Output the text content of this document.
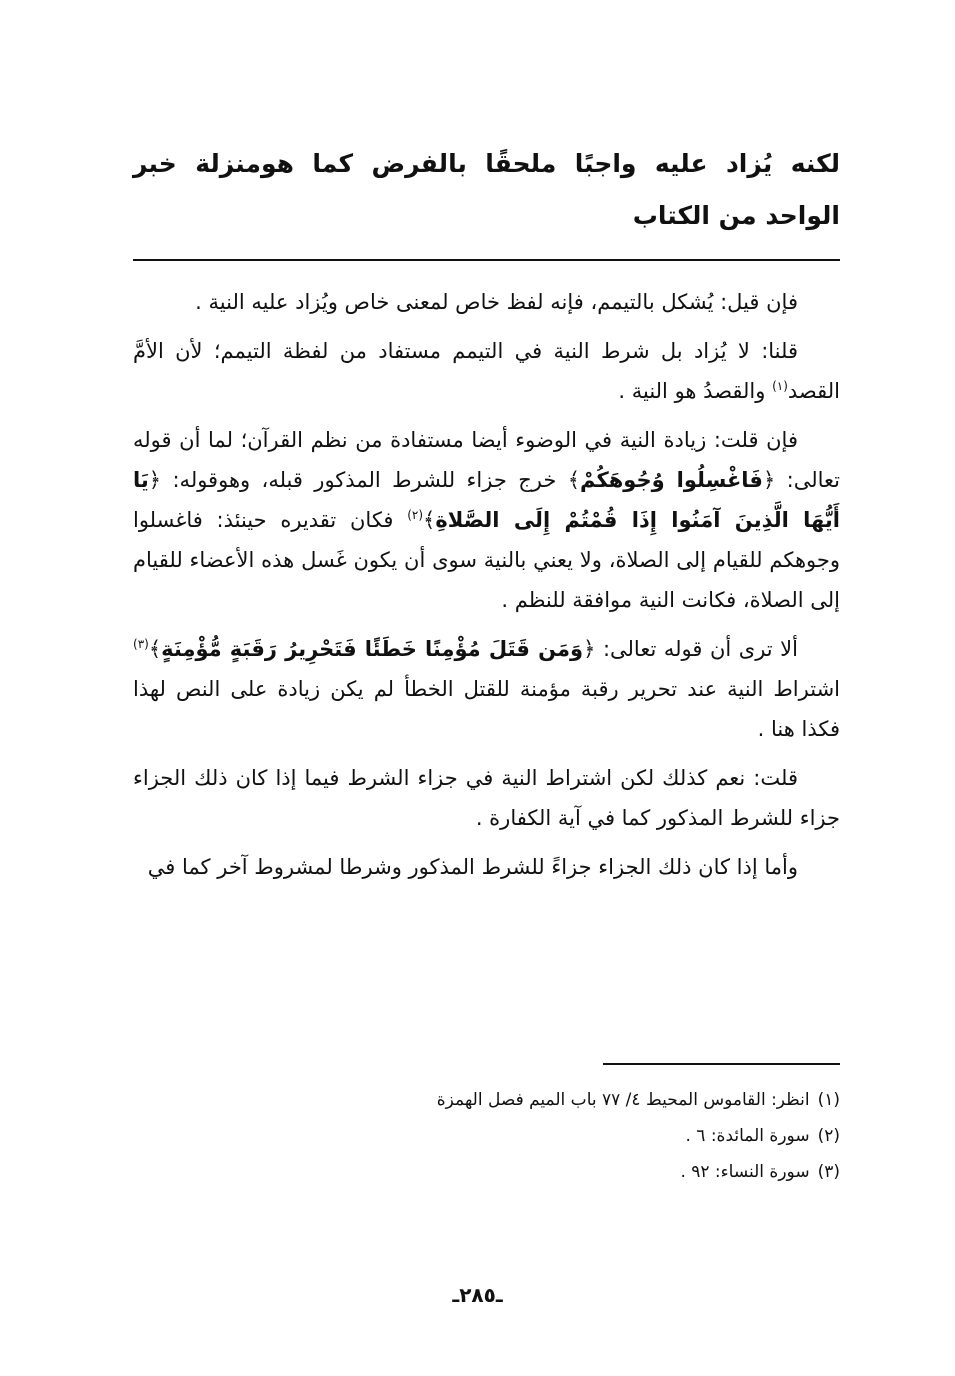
لكنه يُزاد عليه واجبًا ملحقًا بالفرض كما هومنزلة خبر الواحد من الكتاب

فإن قيل: يُشكل بالتيمم، فإنه لفظ خاص لمعنى خاص ويُزاد عليه النية .

قلنا: لا يُزاد بل شرط النية في التيمم مستفاد من لفظة التيمم؛ لأن الأمَّ القصد$^{(١)}$ والقصدُ هو النية .

فإن قلت: زيادة النية في الوضوء أيضا مستفادة من نظم القرآن؛ لما أن قوله تعالى: ﴿فَاغْسِلُوا وُجُوهَكُمْ﴾ خرج جزاء للشرط المذكور قبله، وهوقوله: ﴿يَا أَيُّهَا الَّذِينَ آمَنُوا إِذَا قُمْتُمْ إِلَى الصَّلاةِ﴾$^{(٢)}$ فكان تقديره حينئذ: فاغسلوا وجوهكم للقيام إلى الصلاة، ولا يعني بالنية سوى أن يكون غَسل هذه الأعضاء للقيام إلى الصلاة، فكانت النية موافقة للنظم .

ألا ترى أن قوله تعالى: ﴿وَمَن قَتَلَ مُؤْمِنًا خَطَئًا فَتَحْرِيرُ رَقَبَةٍ مُّؤْمِنَةٍ﴾$^{(٣)}$ اشتراط النية عند تحرير رقبة مؤمنة للقتل الخطأ لم يكن زيادة على النص لهذا فكذا هنا .

قلت: نعم كذلك لكن اشتراط النية في جزاء الشرط فيما إذا كان ذلك الجزاء جزاء للشرط المذكور كما في آية الكفارة .

وأما إذا كان ذلك الجزاء جزاءً للشرط المذكور وشرطا لمشروط آخر كما في

(١)انظر: القاموس المحيط ٤/ ٧٧ باب الميم فصل الهمزة
(٢)سورة المائدة: ٦ .
(٣)سورة النساء: ٩٢ .
ـ٢٨٥ـ
